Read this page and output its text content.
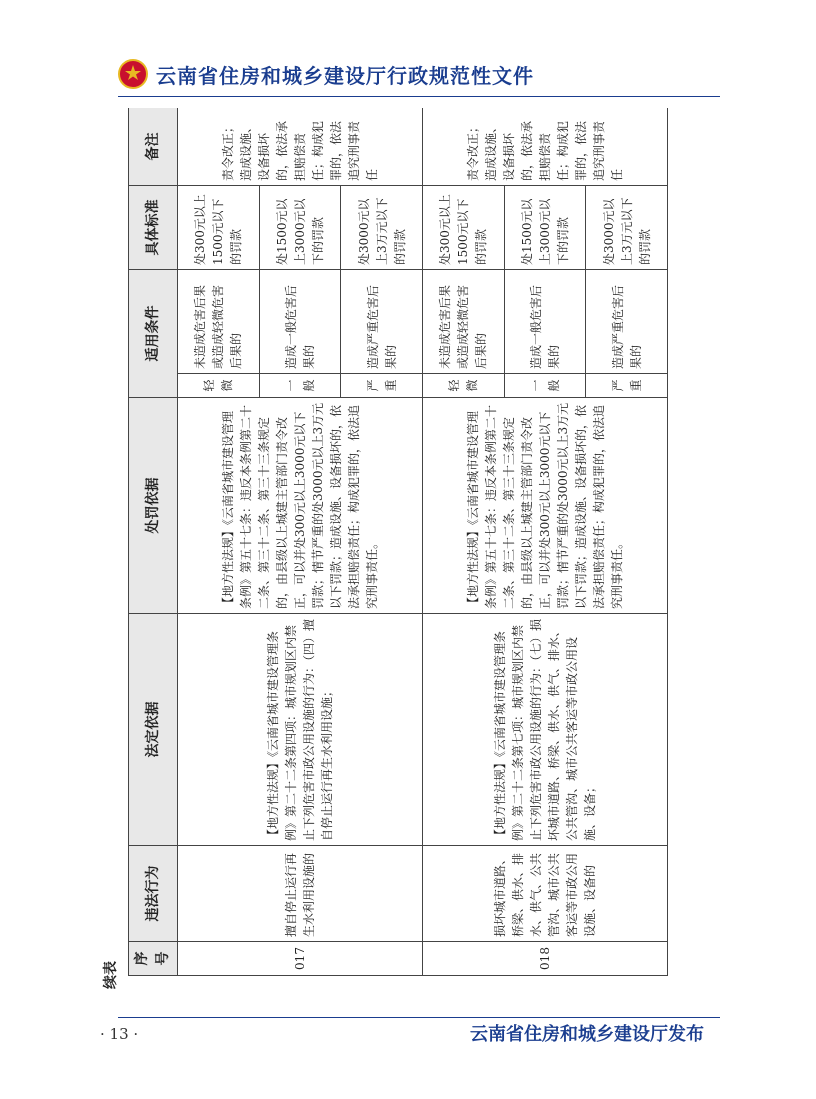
云南省住房和城乡建设厅行政规范性文件
续表
序号	违法行为	法定依据	处罚依据	适用条件		具体标准	备注
017	擅自停止运行再生水利用设施的	【地方性法规】《云南省城市建设管理条例》第二十二条第四项：城市规划区内禁止下列危害市政公用设施的行为：（四）擅自停止运行再生水利用设施；	【地方性法规】《云南省城市建设管理条例》第五十七条：违反本条例第二十二条、第三十二条、第三十三条规定的，由县级以上城建主管部门责令改正，可以并处300元以上3000元以下罚款；情节严重的处3000元以上3万元以下罚款；造成设施、设备损坏的，依法承担赔偿责任；构成犯罪的，依法追究刑事责任。	轻微	未造成危害后果或造成轻微危害后果的	处300元以上1500元以下的罚款	责令改正；造成设施、设备损坏的，依法承担赔偿责任；构成犯罪的，依法追究刑事责任
				一般	造成一般危害后果的	处1500元以上3000元以下的罚款	
				严重	造成严重危害后果的	处3000元以上3万元以下的罚款	
018	损坏城市道路、桥梁、供水、排水、供气、公共管沟、城市公共客运等市政公用设施、设备的	【地方性法规】《云南省城市建设管理条例》第二十二条第七项：城市规划区内禁止下列危害市政公用设施的行为：（七）损坏城市道路、桥梁、供水、供气、排水、公共管沟、城市公共客运等市政公用设施、设备；	【地方性法规】《云南省城市建设管理条例》第五十七条：违反本条例第二十二条、第三十二条、第三十三条规定的，由县级以上城建主管部门责令改正，可以并处300元以上3000元以下罚款；情节严重的处3000元以上3万元以下罚款；造成设施、设备损坏的，依法承担赔偿责任；构成犯罪的，依法追究刑事责任。	轻微	未造成危害后果或造成轻微危害后果的	处300元以上1500元以下的罚款	责令改正；造成设施、设备损坏的，依法承担赔偿责任；构成犯罪的，依法追究刑事责任
				一般	造成一般危害后果的	处1500元以上3000元以下的罚款	
				严重	造成严重危害后果的	处3000元以上3万元以下的罚款	
· 13 ·	云南省住房和城乡建设厅发布
